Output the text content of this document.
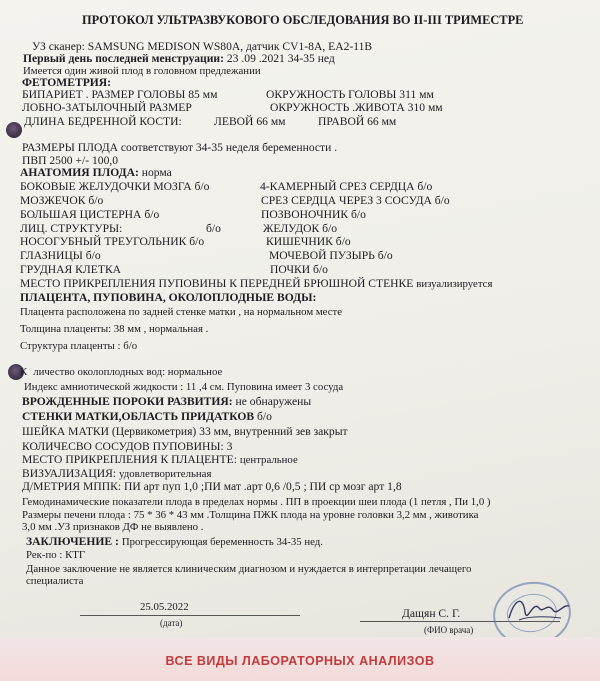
ПРОТОКОЛ УЛЬТРАЗВУКОВОГО ОБСЛЕДОВАНИЯ ВО II-III ТРИМЕСТРЕ
УЗ сканер: SAMSUNG MEDISON WS80A, датчик CV1-8A, EA2-11B
Первый день последней менструации: 23 .09 .2021 34-35 нед
Имеется один живой плод в головном предлежании
ФЕТОМЕТРИЯ:
БИПАРИЕТ . РАЗМЕР ГОЛОВЫ 85 мм	ОКРУЖНОСТЬ ГОЛОВЫ 311 мм
ЛОБНО-ЗАТЫЛОЧНЫЙ РАЗМЕР	ОКРУЖНОСТЬ .ЖИВОТА 310 мм
ДЛИНА БЕДРЕННОЙ КОСТИ:	ЛЕВОЙ 66 мм	ПРАВОЙ 66 мм
РАЗМЕРЫ ПЛОДА соответствуют 34-35 неделя беременности .
ПВП 2500 +/- 100,0
АНАТОМИЯ ПЛОДА: норма
БОКОВЫЕ ЖЕЛУДОЧКИ МОЗГА б/о	4-КАМЕРНЫЙ СРЕЗ СЕРДЦА б/о
МОЗЖЕЧОК б/о	СРЕЗ СЕРДЦА ЧЕРЕЗ 3 СОСУДА б/о
БОЛЬШАЯ ЦИСТЕРНА б/о	ПОЗВОНОЧНИК б/о
ЛИЦ. СТРУКТУРЫ:	б/о	ЖЕЛУДОК б/о
НОСОГУБНЫЙ ТРЕУГОЛЬНИК б/о	КИШЕЧНИК б/о
ГЛАЗНИЦЫ б/о	МОЧЕВОЙ ПУЗЫРЬ б/о
ГРУДНАЯ КЛЕТКА	ПОЧКИ б/о
МЕСТО ПРИКРЕПЛЕНИЯ ПУПОВИНЫ К ПЕРЕДНЕЙ БРЮШНОЙ СТЕНКЕ визуализируется
ПЛАЦЕНТА, ПУПОВИНА, ОКОЛОПЛОДНЫЕ ВОДЫ:
Плацента расположена по задней стенке матки , на нормальном месте
Толщина плаценты: 38 мм , нормальная .
Структура плаценты : б/о
К личество околоплодных вод: нормальное
Индекс амниотической жидкости : 11 ,4 см. Пуповина имеет 3 сосуда
ВРОЖДЕННЫЕ ПОРОКИ РАЗВИТИЯ: не обнаружены
СТЕНКИ МАТКИ,ОБЛАСТЬ ПРИДАТКОВ б/о
ШЕЙКА МАТКИ (Цервикометрия) 33 мм, внутренний зев закрыт
КОЛИЧЕСВО СОСУДОВ ПУПОВИНЫ: 3
МЕСТО ПРИКРЕПЛЕНИЯ К ПЛАЦЕНТЕ: центральное
ВИЗУАЛИЗАЦИЯ: удовлетворительная
Д/МЕТРИЯ МППК: ПИ арт пуп 1,0 ;ПИ мат .арт 0,6 /0,5 ; ПИ ср мозг арт 1,8
Гемодинамические показатели плода в пределах нормы . ПП в проекции шеи плода (1 петля , Пи 1,0 )
Размеры печени плода : 75 * 36 * 43 мм .Толщина ПЖК плода на уровне головки 3,2 мм , животика
3,0 мм .УЗ признаков ДФ не выявлено .
ЗАКЛЮЧЕНИЕ : Прогрессирующая беременность 34-35 нед.
Рек-по : КТГ
Данное заключение не является клиническим диагнозом и нуждается в интерпретации лечащего
специалиста
25.05.2022
(дата)
Дащян С. Г.
(ФИО врача)
ВСЕ ВИДЫ ЛАБОРАТОРНЫХ АНАЛИЗОВ
